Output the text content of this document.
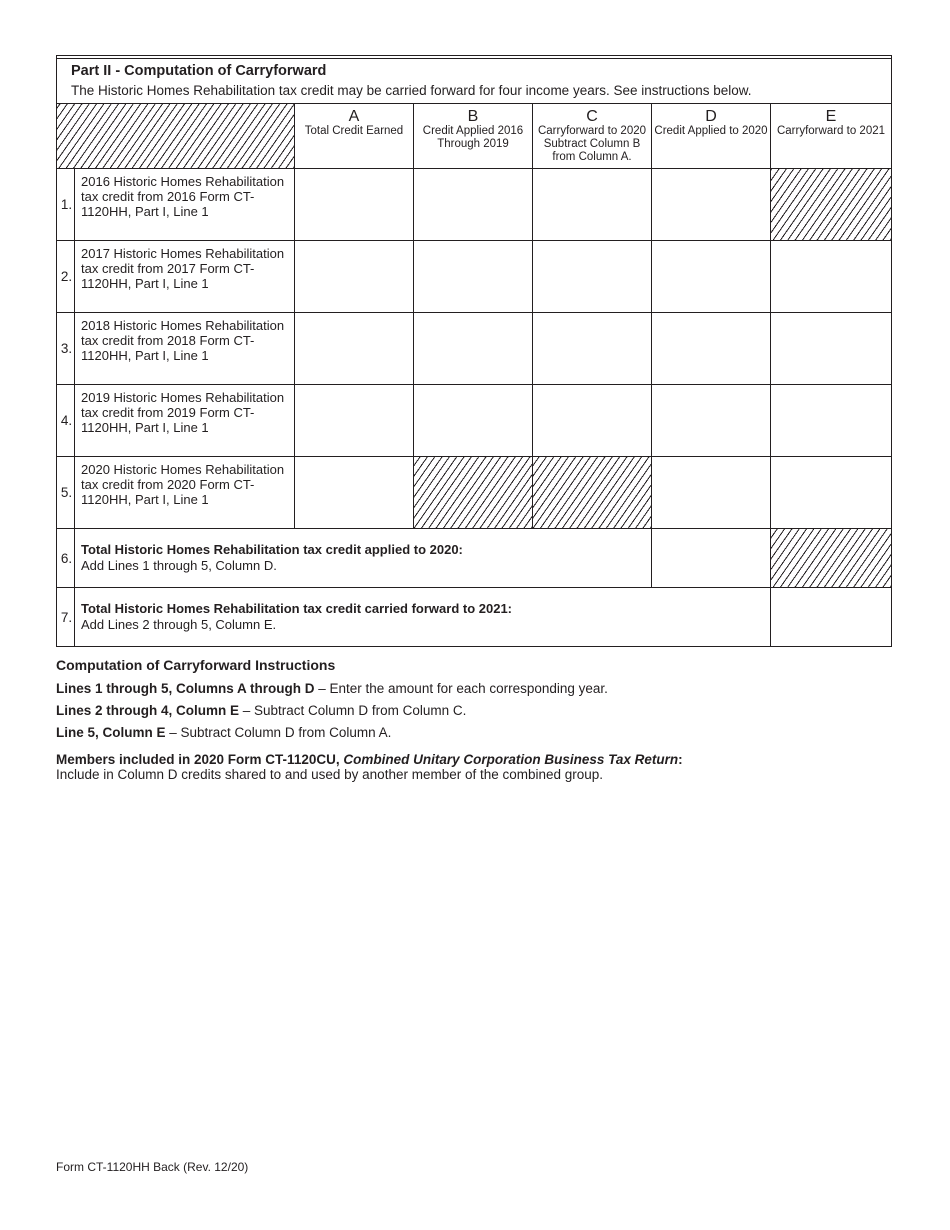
Part II - Computation of Carryforward
The Historic Homes Rehabilitation tax credit may be carried forward for four income years. See instructions below.
A
Total Credit Earned
B
Credit Applied 2016 Through 2019
C
Carryforward to 2020 Subtract Column B from Column A.
D
Credit Applied to 2020
E
Carryforward to 2021
1.
2016 Historic Homes Rehabilitation tax credit from 2016 Form CT-1120HH, Part I, Line 1
2.
2017 Historic Homes Rehabilitation tax credit from 2017 Form CT-1120HH, Part I, Line 1
3.
2018 Historic Homes Rehabilitation tax credit from 2018 Form CT-1120HH, Part I, Line 1
4.
2019 Historic Homes Rehabilitation tax credit from 2019 Form CT-1120HH, Part I, Line 1
5.
2020 Historic Homes Rehabilitation tax credit from 2020 Form CT-1120HH, Part I, Line 1
6.
Total Historic Homes Rehabilitation tax credit applied to 2020:
Add Lines 1 through 5, Column D.
7.
Total Historic Homes Rehabilitation tax credit carried forward to 2021:
Add Lines 2 through 5, Column E.
Computation of Carryforward Instructions

Lines 1 through 5, Columns A through D – Enter the amount for each corresponding year.

Lines 2 through 4, Column E – Subtract Column D from Column C.

Line 5, Column E – Subtract Column D from Column A.

Members included in 2020 Form CT-1120CU, Combined Unitary Corporation Business Tax Return:
Include in Column D credits shared to and used by another member of the combined group.

Form CT-1120HH Back (Rev. 12/20)
